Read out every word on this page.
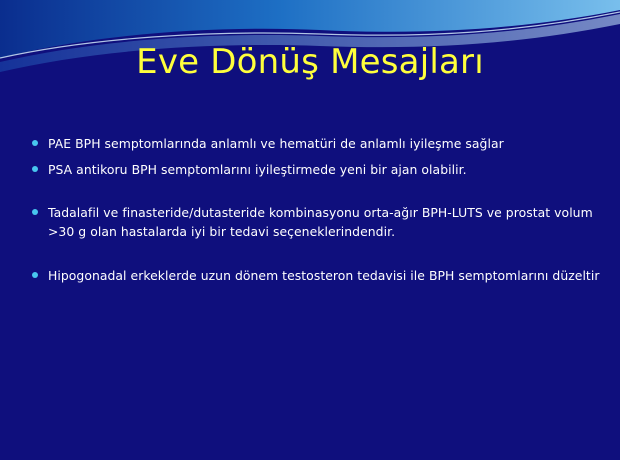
Eve Dönüş Mesajları
PAE BPH semptomlarında anlamlı ve hematüri de anlamlı iyileşme sağlar
PSA antikoru BPH semptomlarını iyileştirmede yeni bir ajan olabilir.
Tadalafil ve finasteride/dutasteride kombinasyonu orta-ağır BPH-LUTS ve prostat volum >30 g olan hastalarda iyi bir tedavi seçeneklerindendir.
Hipogonadal erkeklerde uzun dönem testosteron tedavisi ile BPH semptomlarını düzeltir
